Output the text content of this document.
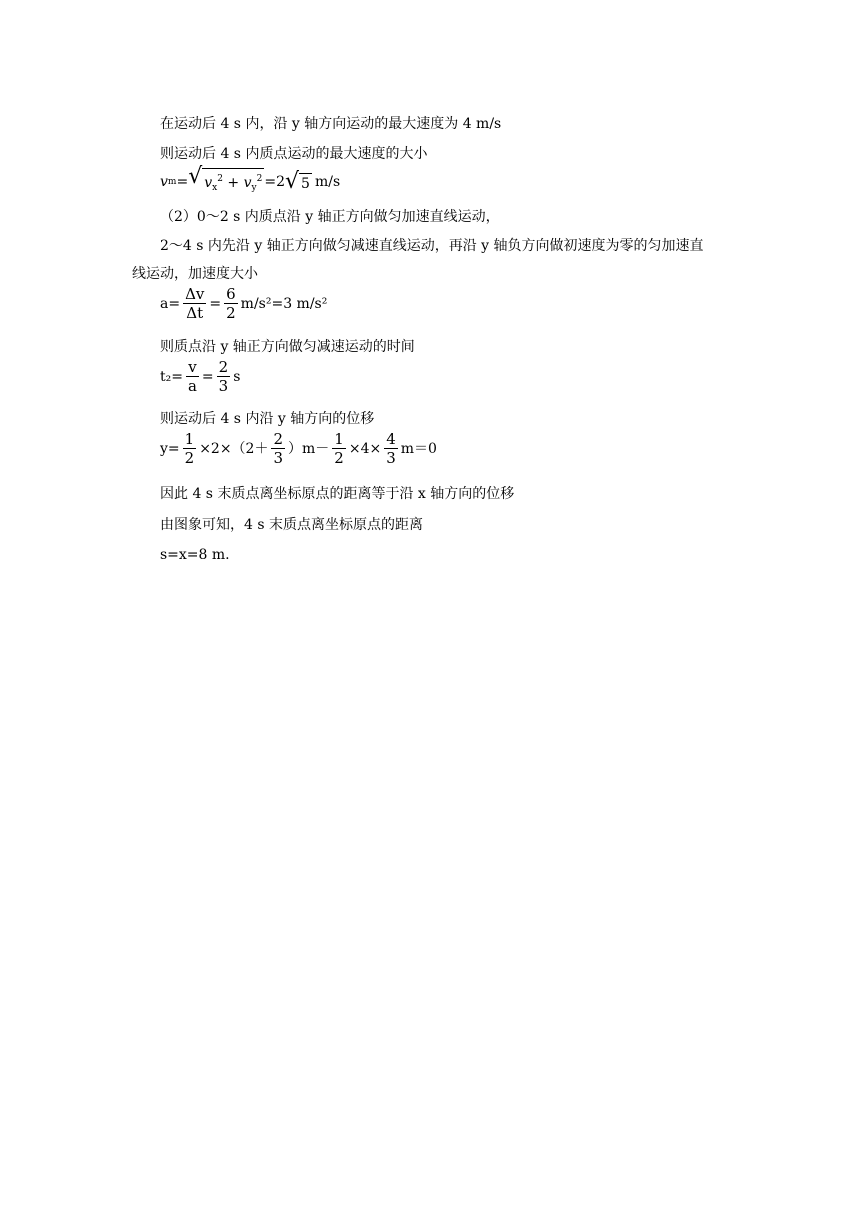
在运动后 4 s 内，沿 y 轴方向运动的最大速度为 4 m/s
则运动后 4 s 内质点运动的最大速度的大小
v m = √ $v_x^2 + v_y^2 =2$ √ 5 m/s
（2）0～2 s 内质点沿 y 轴正方向做匀加速直线运动，
2～4 s 内先沿 y 轴正方向做匀减速直线运动，再沿 y 轴负方向做初速度为零的匀加速直
线运动，加速度大小
$a= \frac{\Delta v}{\Delta t} = \frac{6}{2} m/s^2=3$ m/s²
则质点沿 y 轴正方向做匀减速运动的时间
$t_2= \frac{v}{a} = \frac{2}{3}$ s
则运动后 4 s 内沿 y 轴方向的位移
$y= \frac{1}{2} \times 2\times(2+ \frac{2}{3} )m- \frac{1}{2} \times 4\times \frac{4}{3} m=0$
因此 4 s 末质点离坐标原点的距离等于沿 x 轴方向的位移
由图象可知，4 s 末质点离坐标原点的距离
s=x=8 m.
